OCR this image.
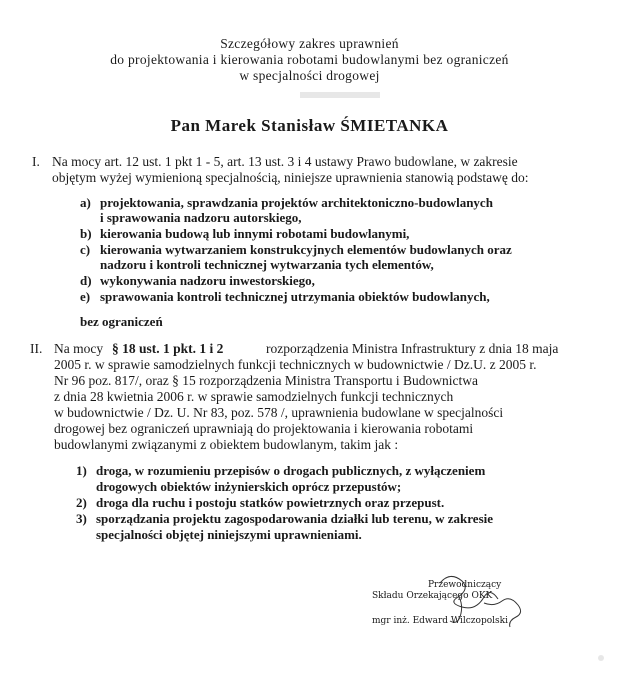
Szczegółowy zakres uprawnień
do projektowania i kierowania robotami budowlanymi bez ograniczeń
w specjalności drogowej
Pan Marek Stanisław ŚMIETANKA
I. Na mocy art. 12 ust. 1 pkt 1 - 5, art. 13 ust. 3 i 4 ustawy Prawo budowlane, w zakresie
objętym wyżej wymienioną specjalnością, niniejsze uprawnienia stanowią podstawę do:
a) projektowania, sprawdzania projektów architektoniczno-budowlanych
i sprawowania nadzoru autorskiego,
b) kierowania budową lub innymi robotami budowlanymi,
c) kierowania wytwarzaniem konstrukcyjnych elementów budowlanych oraz
nadzoru i kontroli technicznej wytwarzania tych elementów,
d) wykonywania nadzoru inwestorskiego,
e) sprawowania kontroli technicznej utrzymania obiektów budowlanych,
bez ograniczeń
II. Na mocy § 18 ust. 1 pkt. 1 i 2	rozporządzenia Ministra Infrastruktury z dnia 18 maja
2005 r. w sprawie samodzielnych funkcji technicznych w budownictwie / Dz.U. z 2005 r.
Nr 96 poz. 817/, oraz § 15 rozporządzenia Ministra Transportu i Budownictwa
z dnia 28 kwietnia 2006 r. w sprawie samodzielnych funkcji technicznych
w budownictwie / Dz. U. Nr 83, poz. 578 /, uprawnienia budowlane w specjalności
drogowej bez ograniczeń uprawniają do projektowania i kierowania robotami
budowlanymi związanymi z obiektem budowlanym, takim jak :
1) droga, w rozumieniu przepisów o drogach publicznych, z wyłączeniem
drogowych obiektów inżynierskich oprócz przepustów;
2) droga dla ruchu i postoju statków powietrznych oraz przepust.
3) sporządzania projektu zagospodarowania działki lub terenu, w zakresie
specjalności objętej niniejszymi uprawnieniami.
Przewodniczący
Składu Orzekającego OKK
mgr inż. Edward Wilczopolski
